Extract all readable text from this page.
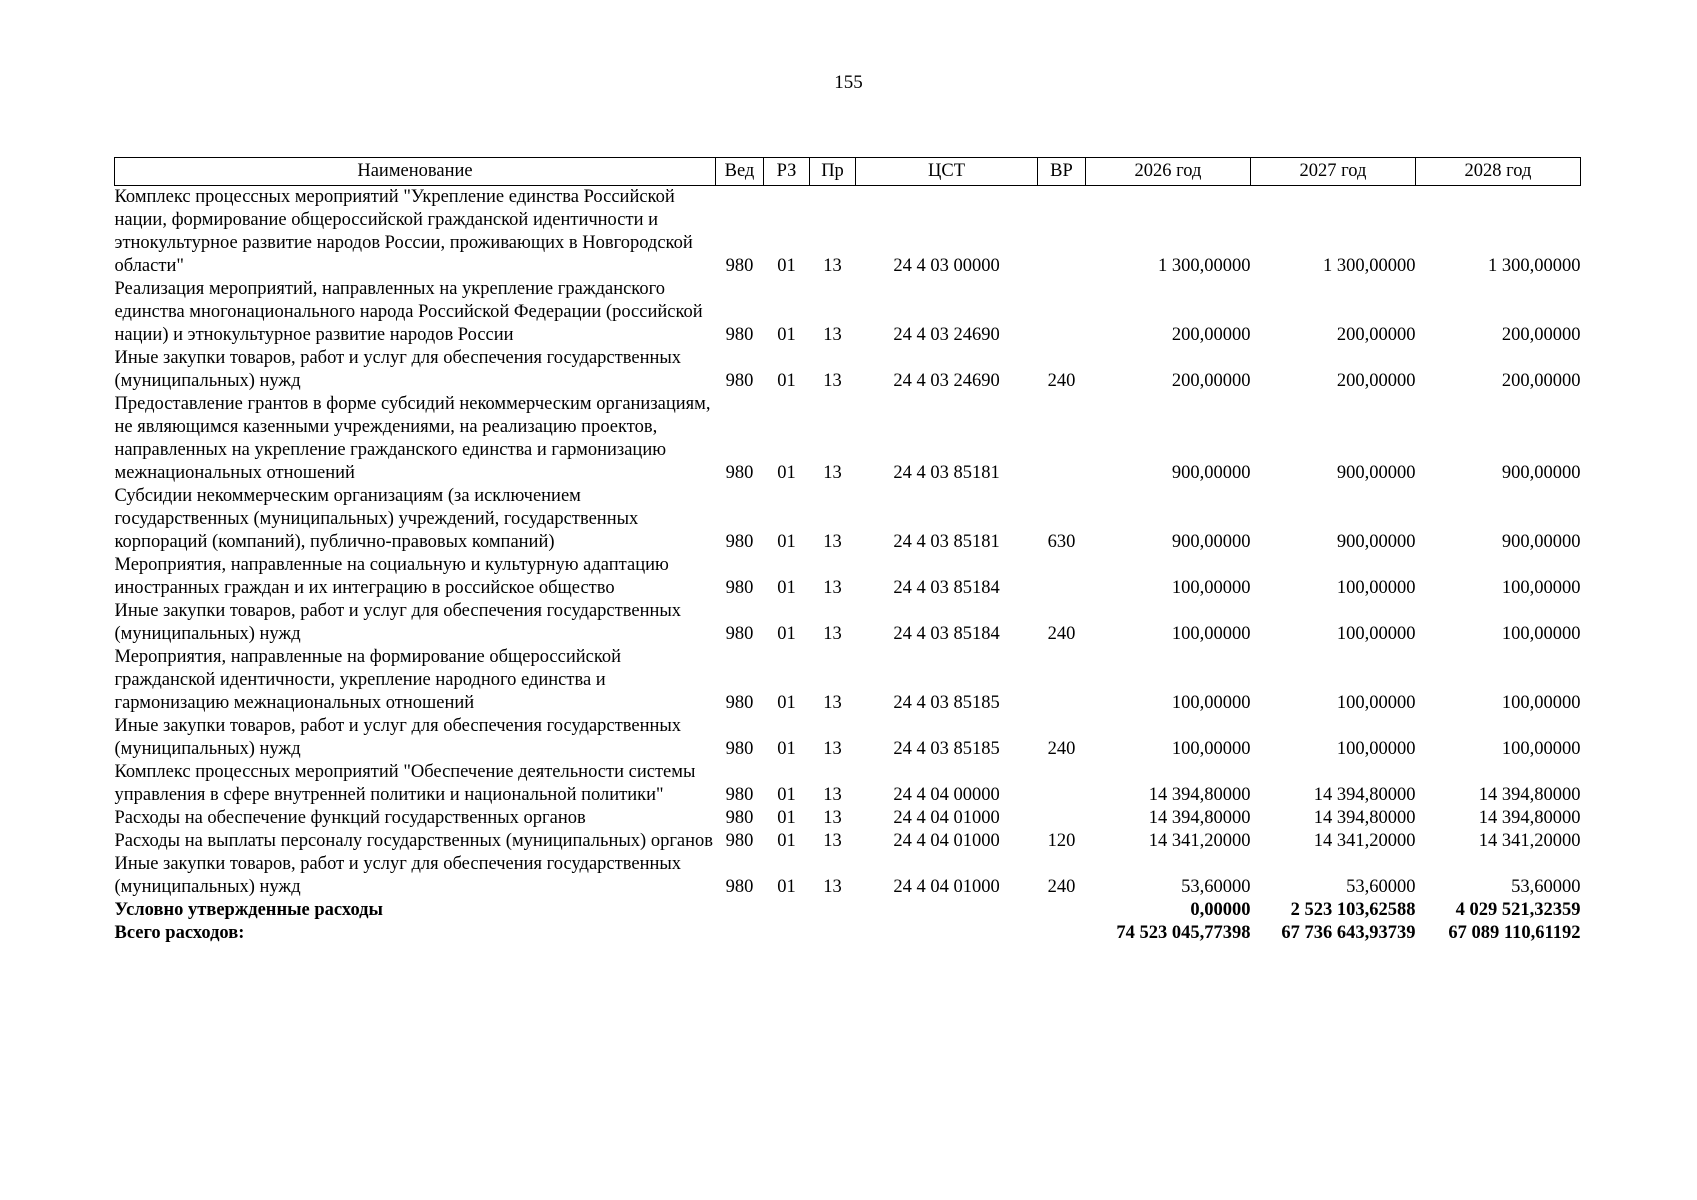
155
Наименование	Вед	РЗ	Пр	ЦСТ	ВР	2026 год	2027 год	2028 год
Комплекс процессных мероприятий "Укрепление единства Российской нации, формирование общероссийской гражданской идентичности и этнокультурное развитие народов России, проживающих в Новгородской области"	980	01	13	24 4 03 00000		1 300,00000	1 300,00000	1 300,00000
Реализация мероприятий, направленных на укрепление гражданского единства многонационального народа Российской Федерации (российской нации) и этнокультурное развитие народов России	980	01	13	24 4 03 24690		200,00000	200,00000	200,00000
Иные закупки товаров, работ и услуг для обеспечения государственных (муниципальных) нужд	980	01	13	24 4 03 24690	240	200,00000	200,00000	200,00000
Предоставление грантов в форме субсидий некоммерческим организациям, не являющимся казенными учреждениями, на реализацию проектов, направленных на укрепление гражданского единства и гармонизацию межнациональных отношений	980	01	13	24 4 03 85181		900,00000	900,00000	900,00000
Субсидии некоммерческим организациям (за исключением государственных (муниципальных) учреждений, государственных корпораций (компаний), публично-правовых компаний)	980	01	13	24 4 03 85181	630	900,00000	900,00000	900,00000
Мероприятия, направленные на социальную и культурную адаптацию иностранных граждан и их интеграцию в российское общество	980	01	13	24 4 03 85184		100,00000	100,00000	100,00000
Иные закупки товаров, работ и услуг для обеспечения государственных (муниципальных) нужд	980	01	13	24 4 03 85184	240	100,00000	100,00000	100,00000
Мероприятия, направленные на формирование общероссийской гражданской идентичности, укрепление народного единства и гармонизацию межнациональных отношений	980	01	13	24 4 03 85185		100,00000	100,00000	100,00000
Иные закупки товаров, работ и услуг для обеспечения государственных (муниципальных) нужд	980	01	13	24 4 03 85185	240	100,00000	100,00000	100,00000
Комплекс процессных мероприятий "Обеспечение деятельности системы управления в сфере внутренней политики и национальной политики"	980	01	13	24 4 04 00000		14 394,80000	14 394,80000	14 394,80000
Расходы на обеспечение функций государственных органов	980	01	13	24 4 04 01000		14 394,80000	14 394,80000	14 394,80000
Расходы на выплаты персоналу государственных (муниципальных) органов	980	01	13	24 4 04 01000	120	14 341,20000	14 341,20000	14 341,20000
Иные закупки товаров, работ и услуг для обеспечения государственных (муниципальных) нужд	980	01	13	24 4 04 01000	240	53,60000	53,60000	53,60000
Условно утвержденные расходы						0,00000	2 523 103,62588	4 029 521,32359
Всего расходов:						74 523 045,77398	67 736 643,93739	67 089 110,61192
